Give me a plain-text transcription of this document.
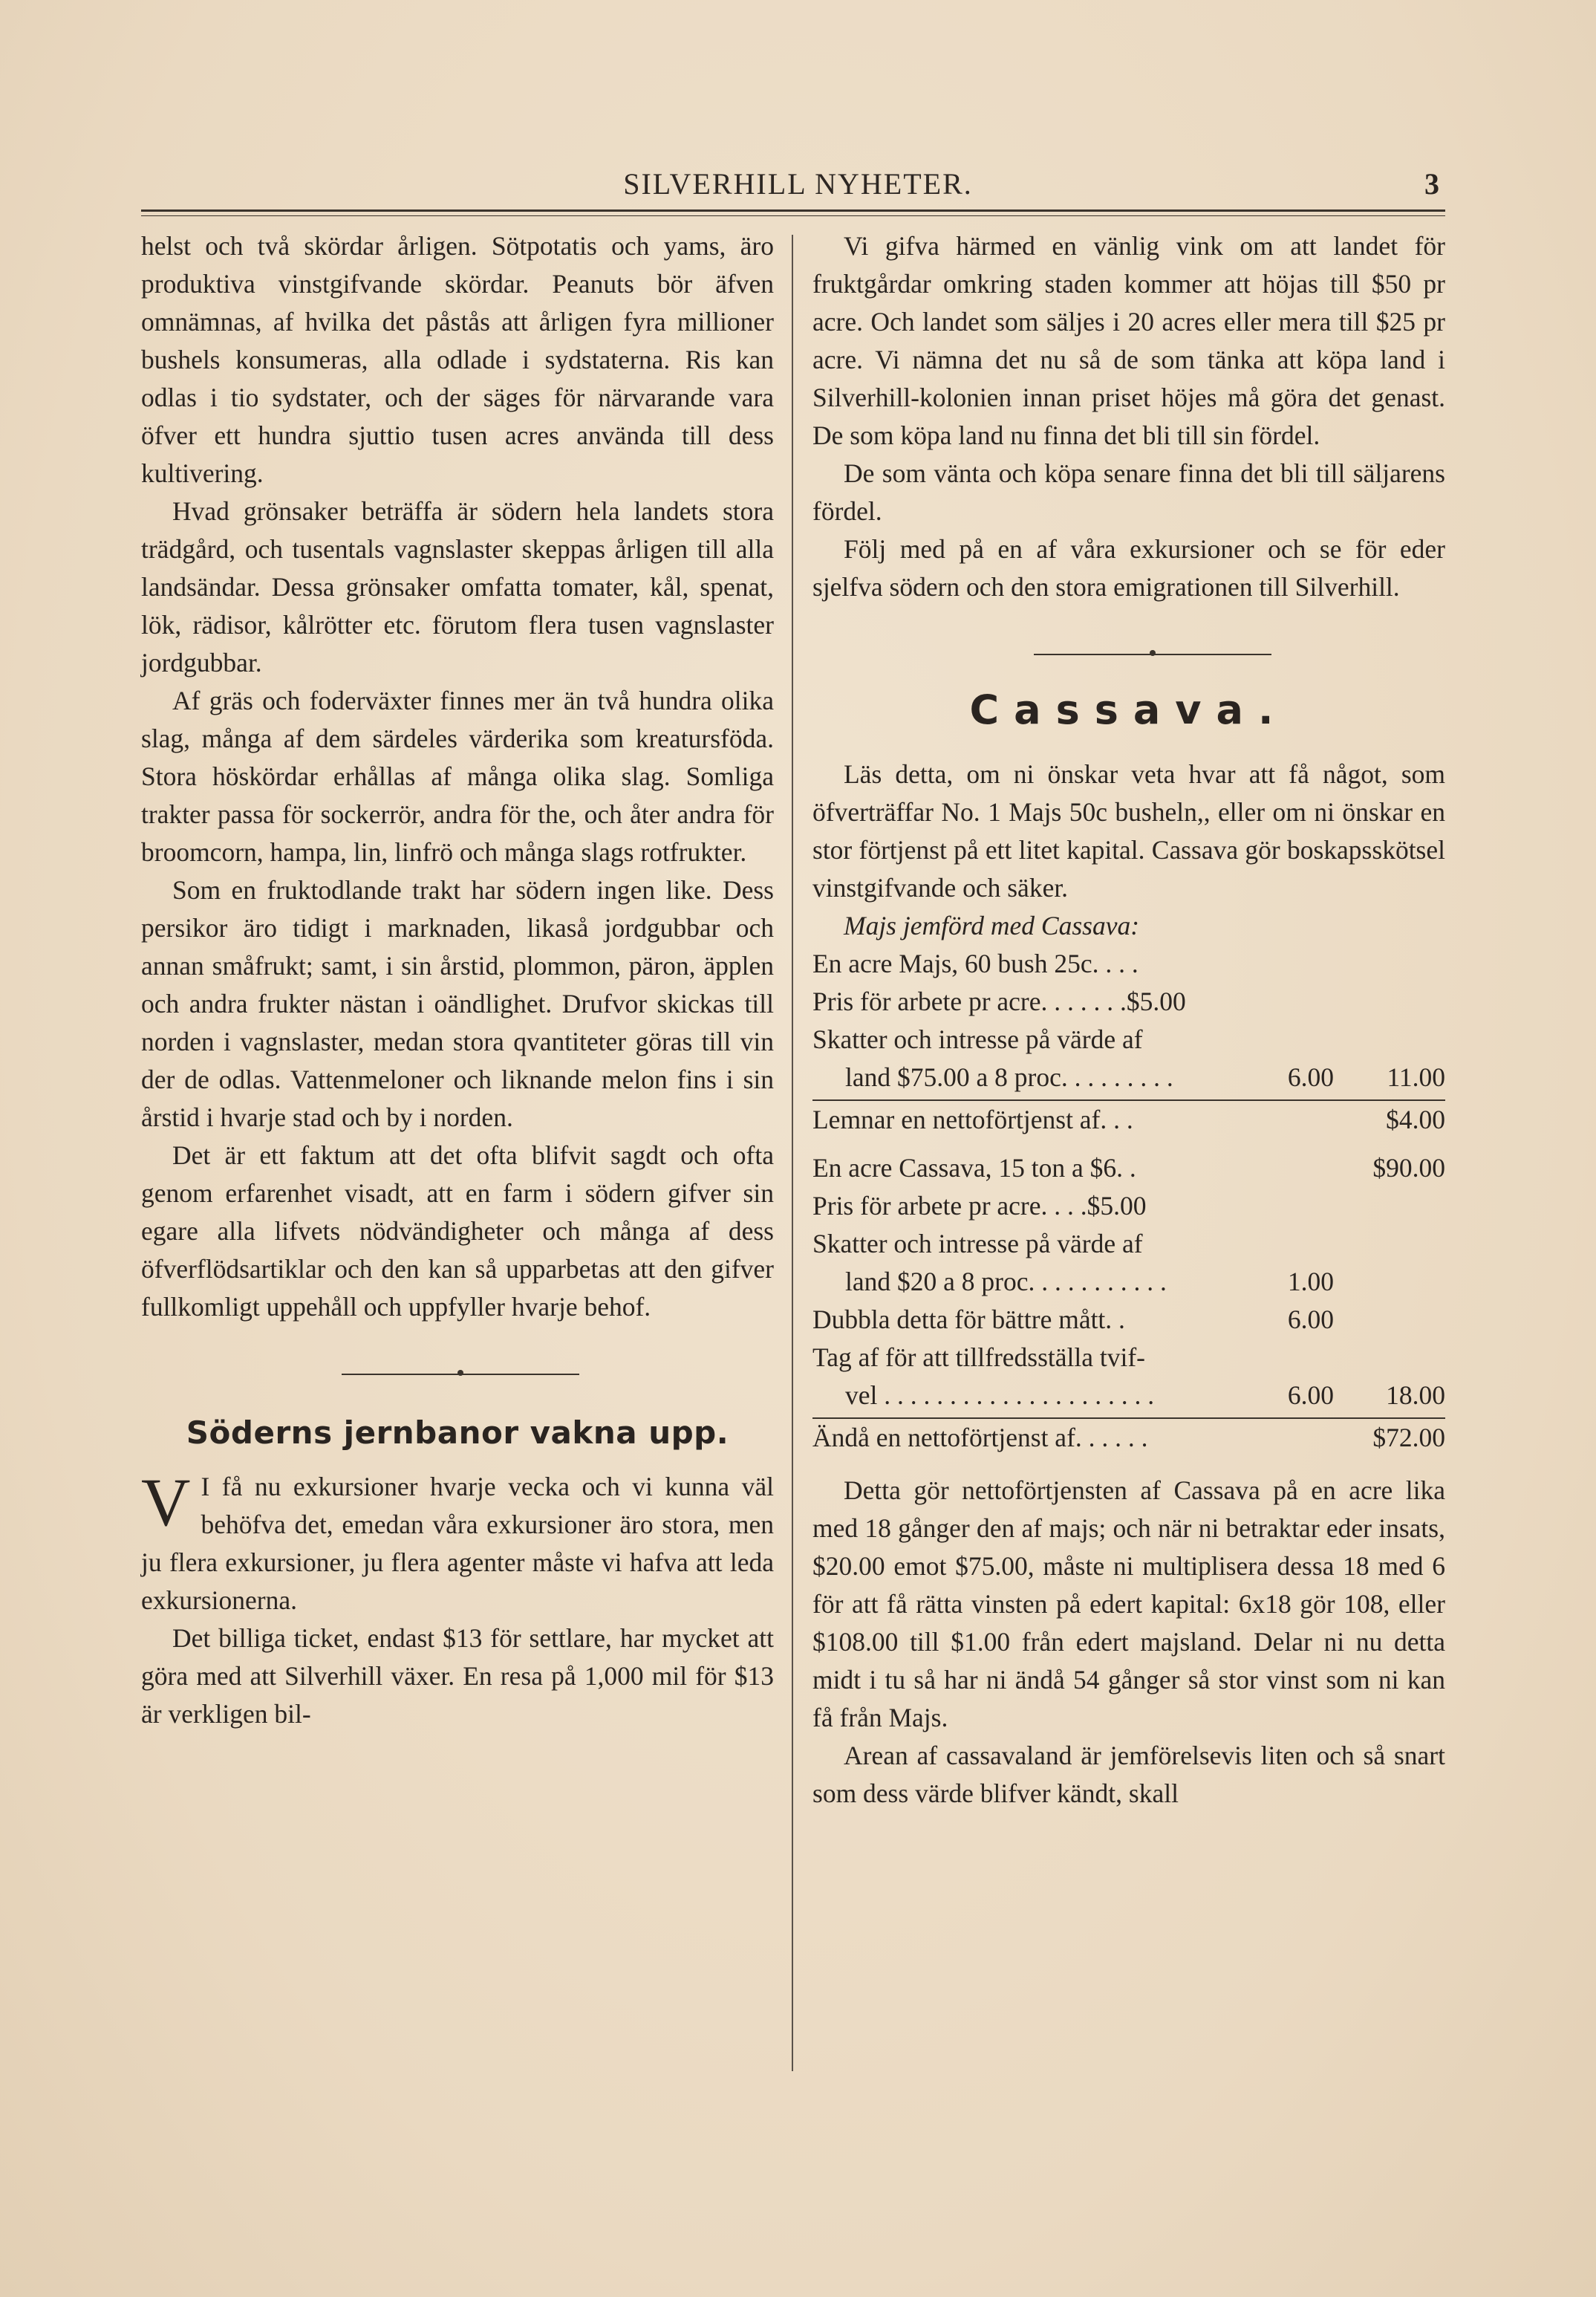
SILVERHILL NYHETER.	3

helst och två skördar årligen. Sötpotatis och yams, äro produktiva vinstgifvande skördar. Peanuts bör äfven omnämnas, af hvilka det påstås att årligen fyra millioner bushels konsumeras, alla odlade i sydstaterna. Ris kan odlas i tio sydstater, och der säges för närvarande vara öfver ett hundra sjuttio tusen acres använda till dess kultivering.

Hvad grönsaker beträffa är södern hela landets stora trädgård, och tusentals vagnslaster skeppas årligen till alla landsändar. Dessa grönsaker omfatta tomater, kål, spenat, lök, rädisor, kålrötter etc. förutom flera tusen vagnslaster jordgubbar.

Af gräs och foderväxter finnes mer än två hundra olika slag, många af dem särdeles värderika som kreatursföda. Stora höskördar erhållas af många olika slag. Somliga trakter passa för sockerrör, andra för the, och åter andra för broomcorn, hampa, lin, linfrö och många slags rotfrukter.

Som en fruktodlande trakt har södern ingen like. Dess persikor äro tidigt i marknaden, likaså jordgubbar och annan småfrukt; samt, i sin årstid, plommon, päron, äpplen och andra frukter nästan i oändlighet. Drufvor skickas till norden i vagnslaster, medan stora qvantiteter göras till vin der de odlas. Vattenmeloner och liknande melon fins i sin årstid i hvarje stad och by i norden.

Det är ett faktum att det ofta blifvit sagdt och ofta genom erfarenhet visadt, att en farm i södern gifver sin egare alla lifvets nödvändigheter och många af dess öfverflödsartiklar och den kan så upparbetas att den gifver fullkomligt uppehåll och uppfyller hvarje behof.

Söderns jernbanor vakna upp.

V I få nu exkursioner hvarje vecka och vi kunna väl behöfva det, emedan våra exkursioner äro stora, men ju flera exkursioner, ju flera agenter måste vi hafva att leda exkursionerna.

Det billiga ticket, endast $13 för settlare, har mycket att göra med att Silverhill växer. En resa på 1,000 mil för $13 är verkligen bil-

Vi gifva härmed en vänlig vink om att landet för fruktgårdar omkring staden kommer att höjas till $50 pr acre. Och landet som säljes i 20 acres eller mera till $25 pr acre. Vi nämna det nu så de som tänka att köpa land i Silverhill-kolonien innan priset höjes må göra det genast. De som köpa land nu finna det bli till sin fördel.

De som vänta och köpa senare finna det bli till säljarens fördel.

Följ med på en af våra exkursioner och se för eder sjelfva södern och den stora emigrationen till Silverhill.

Cassava.

Läs detta, om ni önskar veta hvar att få något, som öfverträffar No. 1 Majs 50c busheln,, eller om ni önskar en stor förtjenst på ett litet kapital. Cassava gör boskapsskötsel vinstgifvande och säker.

Majs jemförd med Cassava:

En acre Majs, 60 bush 25c. . . .		
Pris för arbete pr acre. . . . . . .$5.00		
Skatter och intresse på värde af		
land $75.00 a 8 proc. . . . . . . . .	6.00	11.00

Lemnar en nettoförtjenst af. . .		$4.00

En acre Cassava, 15 ton a $6. .		$90.00
Pris för arbete pr acre. . . .$5.00		
Skatter och intresse på värde af		
land $20 a 8 proc. . . . . . . . . . .	1.00	
Dubbla detta för bättre mått. .	6.00	
Tag af för att tillfredsställa tvif-		
vel . . . . . . . . . . . . . . . . . . . . .	6.00	18.00

Ändå en nettoförtjenst af. . . . . .		$72.00

Detta gör nettoförtjensten af Cassava på en acre lika med 18 gånger den af majs; och när ni betraktar eder insats, $20.00 emot $75.00, måste ni multiplisera dessa 18 med 6 för att få rätta vinsten på edert kapital: 6x18 gör 108, eller $108.00 till $1.00 från edert majsland. Delar ni nu detta midt i tu så har ni ändå 54 gånger så stor vinst som ni kan få från Majs.

Arean af cassavaland är jemförelsevis liten och så snart som dess värde blifver kändt, skall
